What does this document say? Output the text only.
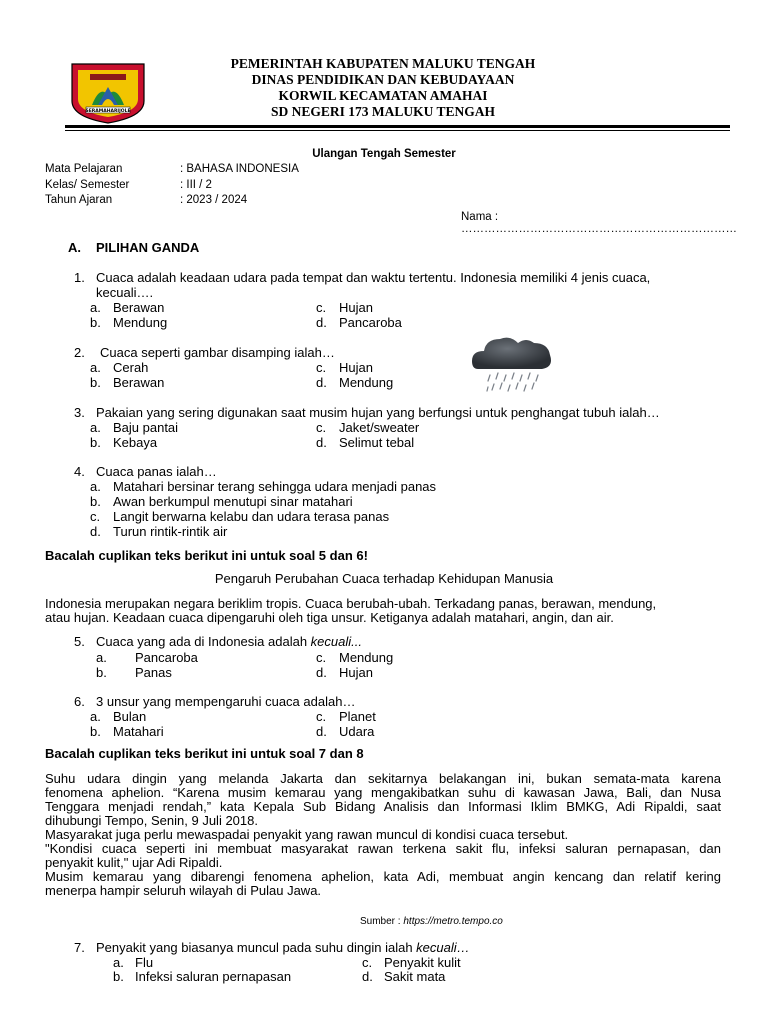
SERAMAHARIJOLE
PEMERINTAH KABUPATEN MALUKU TENGAH
DINAS PENDIDIKAN DAN KEBUDAYAAN
KORWIL KECAMATAN AMAHAI
SD NEGERI 173 MALUKU TENGAH
Ulangan Tengah Semester
Mata Pelajaran	: BAHASA INDONESIA
Kelas/ Semester	: III / 2
Tahun Ajaran	: 2023 / 2024
Nama : ………………………………………………………………
A. PILIHAN GANDA
1. Cuaca adalah keadaan udara pada tempat dan waktu tertentu. Indonesia memiliki 4 jenis cuaca,
kecuali….
a. Berawan
b. Mendung
c. Hujan
d. Pancaroba
2. Cuaca seperti gambar disamping ialah…
a. Cerah
b. Berawan
c. Hujan
d. Mendung
3. Pakaian yang sering digunakan saat musim hujan yang berfungsi untuk penghangat tubuh ialah…
a. Baju pantai
b. Kebaya
c. Jaket/sweater
d. Selimut tebal
4. Cuaca panas ialah…
a. Matahari bersinar terang sehingga udara menjadi panas
b. Awan berkumpul menutupi sinar matahari
c. Langit berwarna kelabu dan udara terasa panas
d. Turun rintik-rintik air
Bacalah cuplikan teks berikut ini untuk soal 5 dan 6!
Pengaruh Perubahan Cuaca terhadap Kehidupan Manusia
Indonesia merupakan negara beriklim tropis. Cuaca berubah-ubah. Terkadang panas, berawan, mendung,
atau hujan. Keadaan cuaca dipengaruhi oleh tiga unsur. Ketiganya adalah matahari, angin, dan air.
5. Cuaca yang ada di Indonesia adalah kecuali...
a. Pancaroba
b. Panas
c. Mendung
d. Hujan
6. 3 unsur yang mempengaruhi cuaca adalah…
a. Bulan
b. Matahari
c. Planet
d. Udara
Bacalah cuplikan teks berikut ini untuk soal 7 dan 8
Suhu udara dingin yang melanda Jakarta dan sekitarnya belakangan ini, bukan semata-mata karena
fenomena aphelion. “Karena musim kemarau yang mengakibatkan suhu di kawasan Jawa, Bali, dan Nusa
Tenggara menjadi rendah,” kata Kepala Sub Bidang Analisis dan Informasi Iklim BMKG, Adi Ripaldi, saat
dihubungi Tempo, Senin, 9 Juli 2018.
Masyarakat juga perlu mewaspadai penyakit yang rawan muncul di kondisi cuaca tersebut.
"Kondisi cuaca seperti ini membuat masyarakat rawan terkena sakit flu, infeksi saluran pernapasan, dan
penyakit kulit," ujar Adi Ripaldi.
Musim kemarau yang dibarengi fenomena aphelion, kata Adi, membuat angin kencang dan relatif kering
menerpa hampir seluruh wilayah di Pulau Jawa.
Sumber : https://metro.tempo.co
7. Penyakit yang biasanya muncul pada suhu dingin ialah kecuali…
a. Flu
b. Infeksi saluran pernapasan
c. Penyakit kulit
d. Sakit mata
